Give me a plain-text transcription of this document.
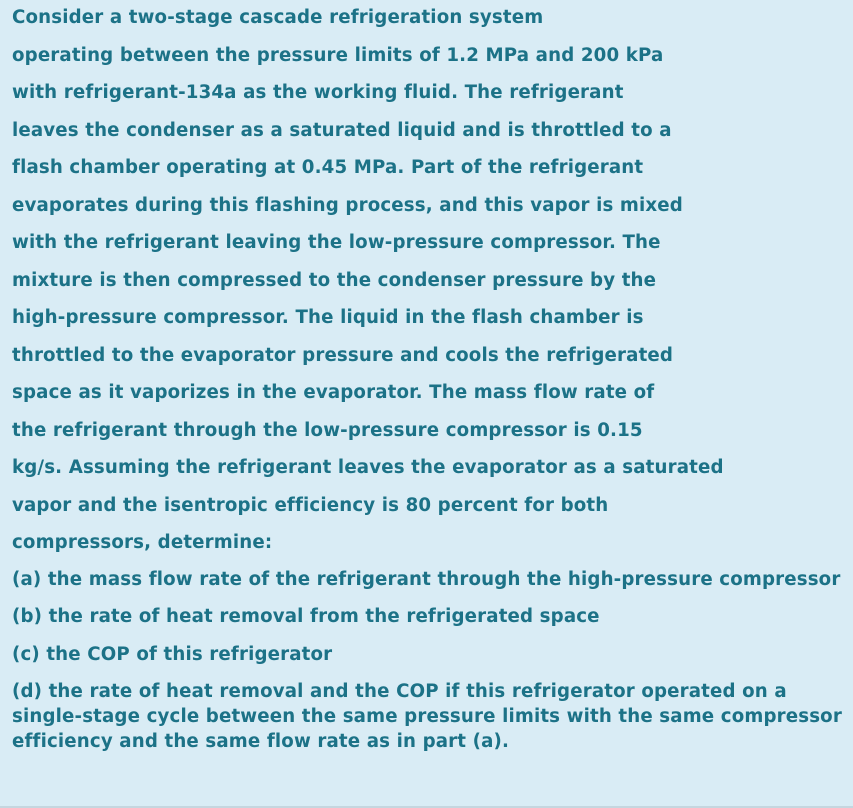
Consider a two-stage cascade refrigeration system
operating between the pressure limits of 1.2 MPa and 200 kPa
with refrigerant-134a as the working fluid. The refrigerant
leaves the condenser as a saturated liquid and is throttled to a
flash chamber operating at 0.45 MPa. Part of the refrigerant
evaporates during this flashing process, and this vapor is mixed
with the refrigerant leaving the low-pressure compressor. The
mixture is then compressed to the condenser pressure by the
high-pressure compressor. The liquid in the flash chamber is
throttled to the evaporator pressure and cools the refrigerated
space as it vaporizes in the evaporator. The mass flow rate of
the refrigerant through the low-pressure compressor is 0.15
kg/s. Assuming the refrigerant leaves the evaporator as a saturated
vapor and the isentropic efficiency is 80 percent for both
compressors, determine:
(a) the mass flow rate of the refrigerant through the high-pressure compressor
(b) the rate of heat removal from the refrigerated space
(c) the COP of this refrigerator
(d) the rate of heat removal and the COP if this refrigerator operated on a single-stage cycle between the same pressure limits with the same compressor efficiency and the same flow rate as in part (a).
